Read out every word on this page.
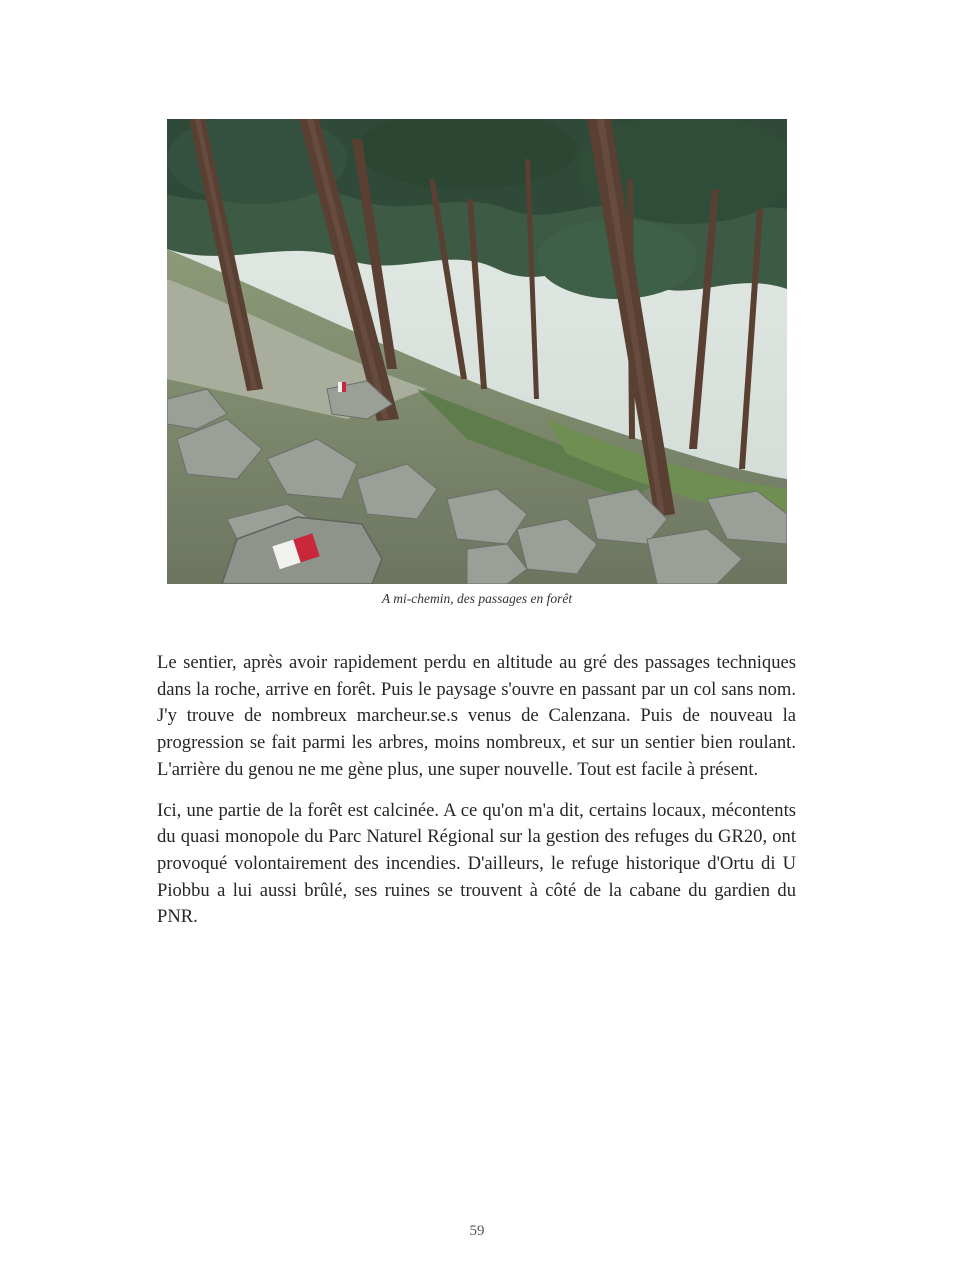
A mi-chemin, des passages en forêt

Le sentier, après avoir rapidement perdu en altitude au gré des passages techniques dans la roche, arrive en forêt. Puis le paysage s'ouvre en passant par un col sans nom. J'y trouve de nombreux marcheur.se.s venus de Calenzana. Puis de nouveau la progression se fait parmi les arbres, moins nombreux, et sur un sentier bien roulant. L'arrière du genou ne me gène plus, une super nouvelle. Tout est facile à présent.

Ici, une partie de la forêt est calcinée. A ce qu'on m'a dit, certains locaux, mécontents du quasi monopole du Parc Naturel Régional sur la gestion des refuges du GR20, ont provoqué volontairement des incendies. D'ailleurs, le refuge historique d'Ortu di U Piobbu a lui aussi brûlé, ses ruines se trouvent à côté de la cabane du gardien du PNR.

59
